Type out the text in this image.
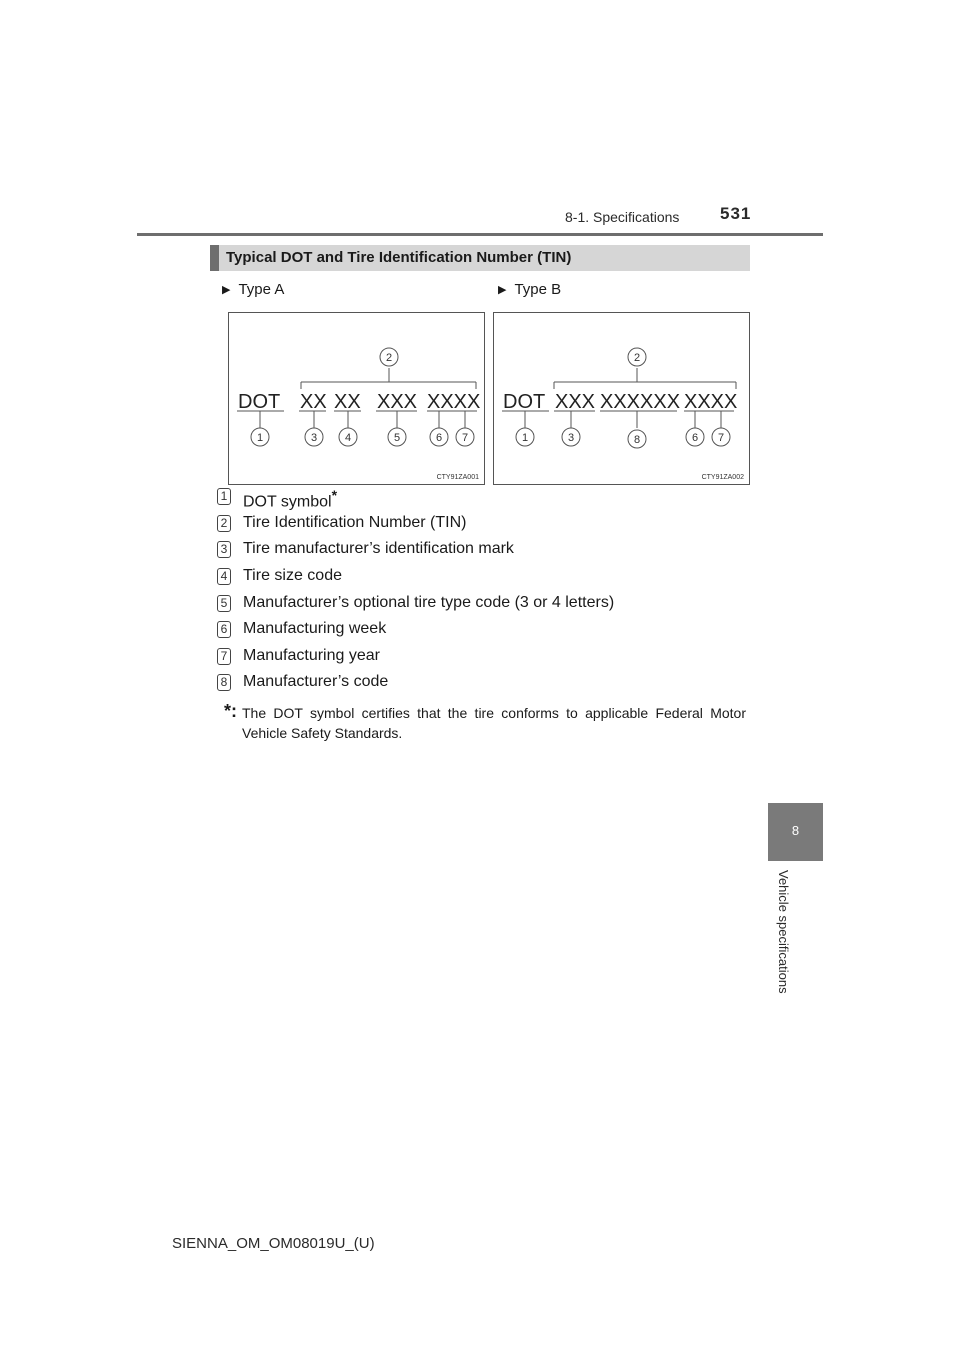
8-1. Specifications 531
8
Vehicle specifications
Typical DOT and Tire Identification Number (TIN)
▶ Type A	▶ Type B
DOT XX XX XXX XXXX
2
1	3	4	5	6 7
CTY91ZA001
DOT XXX XXXXXX XXXX
2
1	3	8	6 7
CTY91ZA002
1 DOT symbol*
2 Tire Identification Number (TIN)
3 Tire manufacturer’s identification mark
4 Tire size code
5 Manufacturer’s optional tire type code (3 or 4 letters)
6 Manufacturing week
7 Manufacturing year
8 Manufacturer’s code
*: The DOT symbol certifies that the tire conforms to applicable Federal Motor Vehicle Safety Standards.
SIENNA_OM_OM08019U_(U)
